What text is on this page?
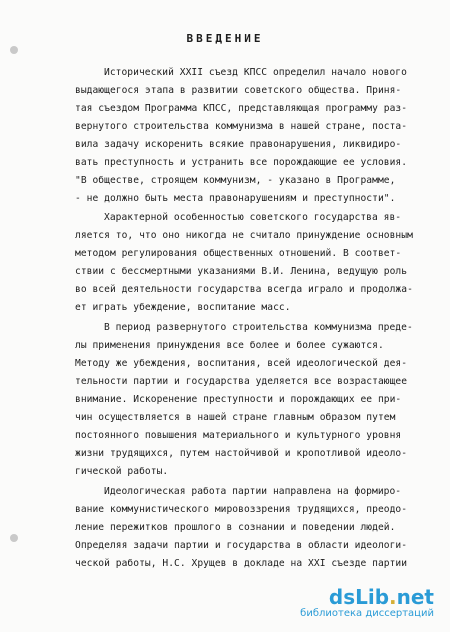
ВВЕДЕНИЕ
Исторический XXII съезд КПСС определил начало нового
выдающегося этапа в развитии советского общества. Приня-
тая съездом Программа КПСС, представляющая программу раз-
вернутого строительства коммунизма в нашей стране, поста-
вила задачу искоренить всякие правонарушения, ликвидиро-
вать преступность и устранить все порождающие ее условия.
"В обществе, строящем коммунизм, - указано в Программе,
- не должно быть места правонарушениям и преступности".
Характерной особенностью советского государства яв-
ляется то, что оно никогда не считало принуждение основным
методом регулирования общественных отношений. В соответ-
ствии с бессмертными указаниями В.И. Ленина, ведущую роль
во всей деятельности государства всегда играло и продолжа-
ет играть убеждение, воспитание масс.
В период развернутого строительства коммунизма преде-
лы применения принуждения все более и более сужаются.
Методу же убеждения, воспитания, всей идеологической дея-
тельности партии и государства уделяется все возрастающее
внимание. Искоренение преступности и порождающих ее при-
чин осуществляется в нашей стране главным образом путем
постоянного повышения материального и культурного уровня
жизни трудящихся, путем настойчивой и кропотливой идеоло-
гической работы.
Идеологическая работа партии направлена на формиро-
вание коммунистического мировоззрения трудящихся, преодо-
ление пережитков прошлого в сознании и поведении людей.
Определяя задачи партии и государства в области идеологи-
ческой работы, Н.С. Хрущев в докладе на XXI съезде партии
dsLib.net
библиотека диссертаций
